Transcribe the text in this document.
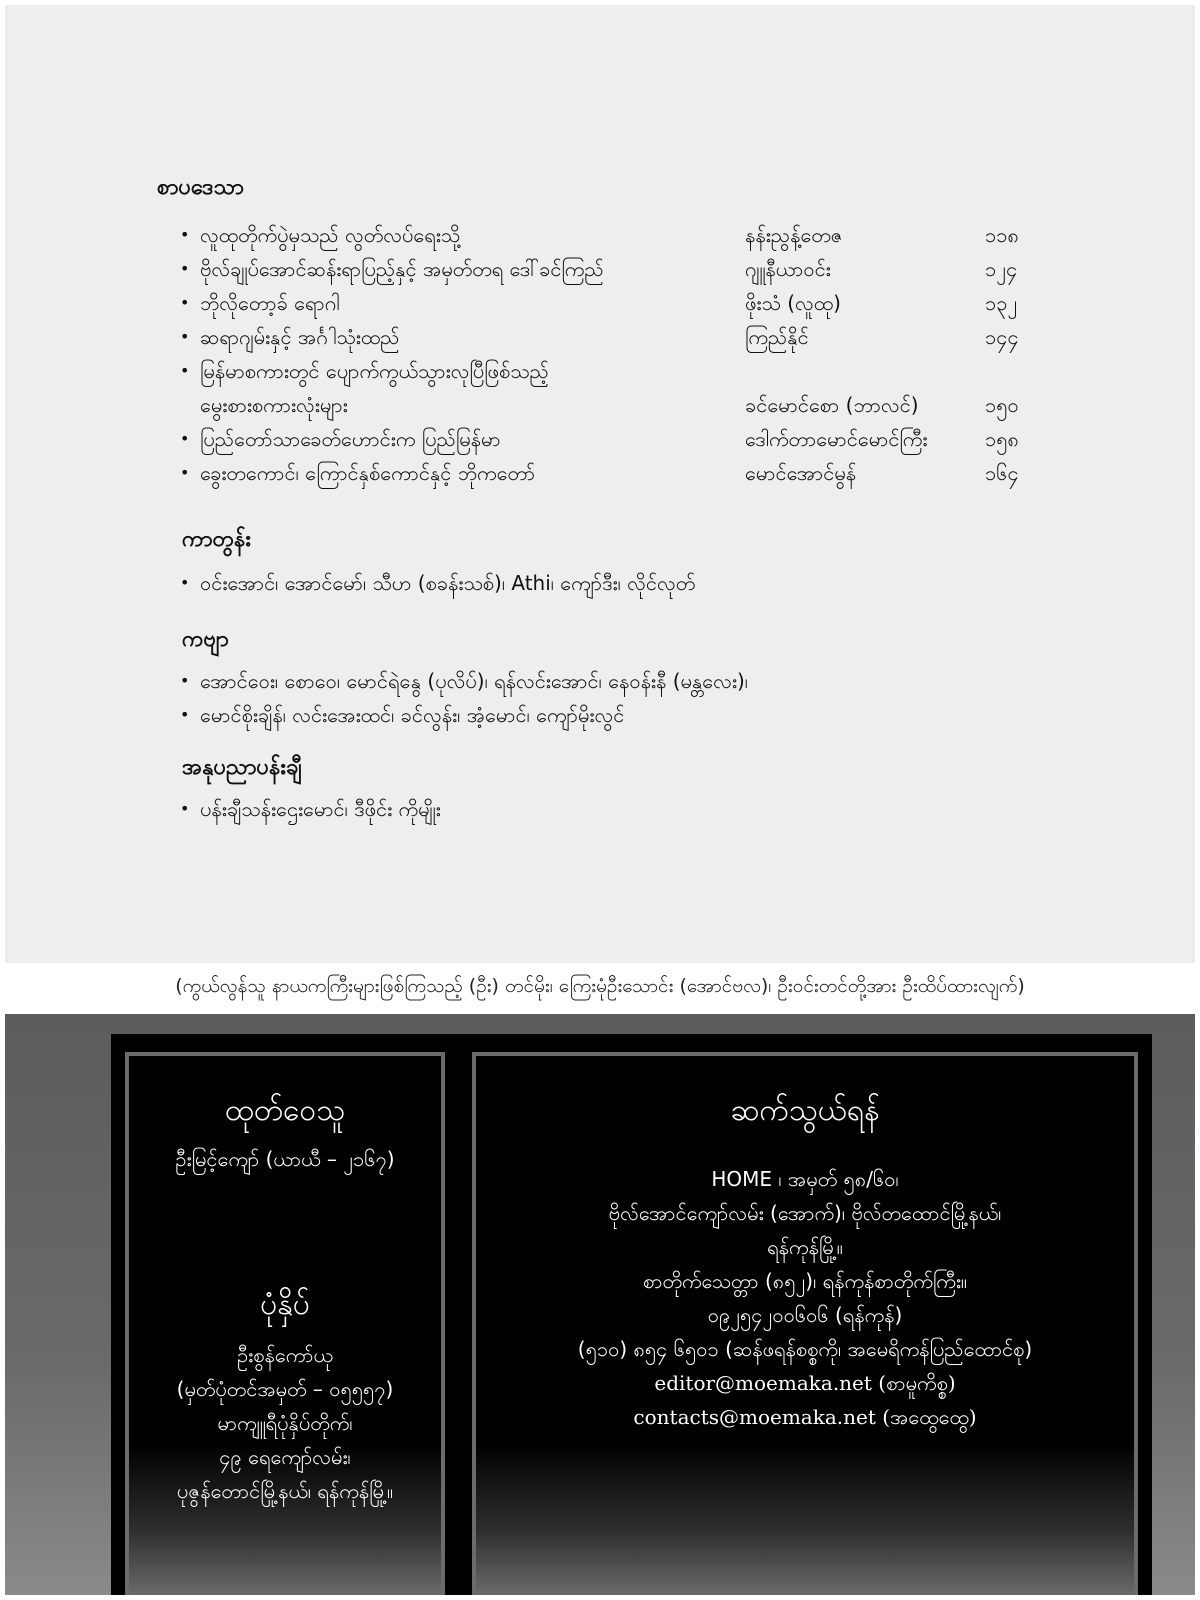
စာပဒေသာ
• လူထုတိုက်ပွဲမှသည် လွတ်လပ်ရေးသို့	နန်းညွန့်တေဇ	၁၁၈
• ဗိုလ်ချုပ်အောင်ဆန်းရာပြည့်နှင့် အမှတ်တရ ဒေါ်ခင်ကြည်	ဂျူနီယာဝင်း	၁၂၄
• ဘိုလိုတော့ခ် ရောဂါ	ဖိုးသံ (လူထု)	၁၃၂
• ဆရာဂျမ်းနှင့် အင်္ဂါသုံးထည်	ကြည်နိုင်	၁၄၄
• မြန်မာစကားတွင် ပျောက်ကွယ်သွားလုပြီဖြစ်သည့်
မွေးစားစကားလုံးများ	ခင်မောင်စော (ဘာလင်)	၁၅၀
• ပြည်တော်သာခေတ်ဟောင်းက ပြည်မြန်မာ	ဒေါက်တာမောင်မောင်ကြီး	၁၅၈
• ခွေးတကောင်၊ ကြောင်နှစ်ကောင်နှင့် ဘိုကတော်	မောင်အောင်မွန်	၁၆၄
ကာတွန်း
• ဝင်းအောင်၊ အောင်မော်၊ သီဟ (စခန်းသစ်)၊ Athi၊ ကျော်ဒီး၊ လိုင်လုတ်
ကဗျာ
• အောင်ဝေး၊ စောဝေ၊ မောင်ရဲနွေ (ပုလိပ်)၊ ရန်လင်းအောင်၊ နေဝန်းနီ (မန္တလေး)၊
• မောင်စိုးချိန်၊ လင်းအေးထင်၊ ခင်လွန်း၊ အံ့မောင်၊ ကျော်မိုးလွင်
အနုပညာပန်းချီ
• ပန်းချီသန်းဌေးမောင်၊ ဒီဖိုင်း ကိုမျိုး
(ကွယ်လွန်သူ နာယကကြီးများဖြစ်ကြသည့် (ဦး) တင်မိုး၊ ကြေးမုံဦးသောင်း (အောင်ဗလ)၊ ဦးဝင်းတင်တို့အား ဦးထိပ်ထားလျက်)
ထုတ်ဝေသူ
ဦးမြင့်ကျော် (ယာယီ – ၂၁၆၇)
ပုံနှိပ်
ဦးစွန်ကော်ယု
(မှတ်ပုံတင်အမှတ် – ၀၅၅၅၇)
မာကျူရီပုံနှိပ်တိုက်၊
၄၉ ရေကျော်လမ်း၊
ပုဇွန်တောင်မြို့နယ်၊ ရန်ကုန်မြို့။
ဆက်သွယ်ရန်
HOME ၊ အမှတ် ၅၈/၆၀၊
ဗိုလ်အောင်ကျော်လမ်း (အောက်)၊ ဗိုလ်တထောင်မြို့နယ်၊
ရန်ကုန်မြို့။
စာတိုက်သေတ္တာ (၈၅၂)၊ ရန်ကုန်စာတိုက်ကြီး။
၀၉၂၅၄၂၀၀၆၀၆ (ရန်ကုန်)
(၅၁၀) ၈၅၄ ၆၅၀၁ (ဆန်ဖရန်စစ္စကို၊ အမေရိကန်ပြည်ထောင်စု)
editor@moemaka.net (စာမူကိစ္စ)
contacts@moemaka.net (အထွေထွေ)
